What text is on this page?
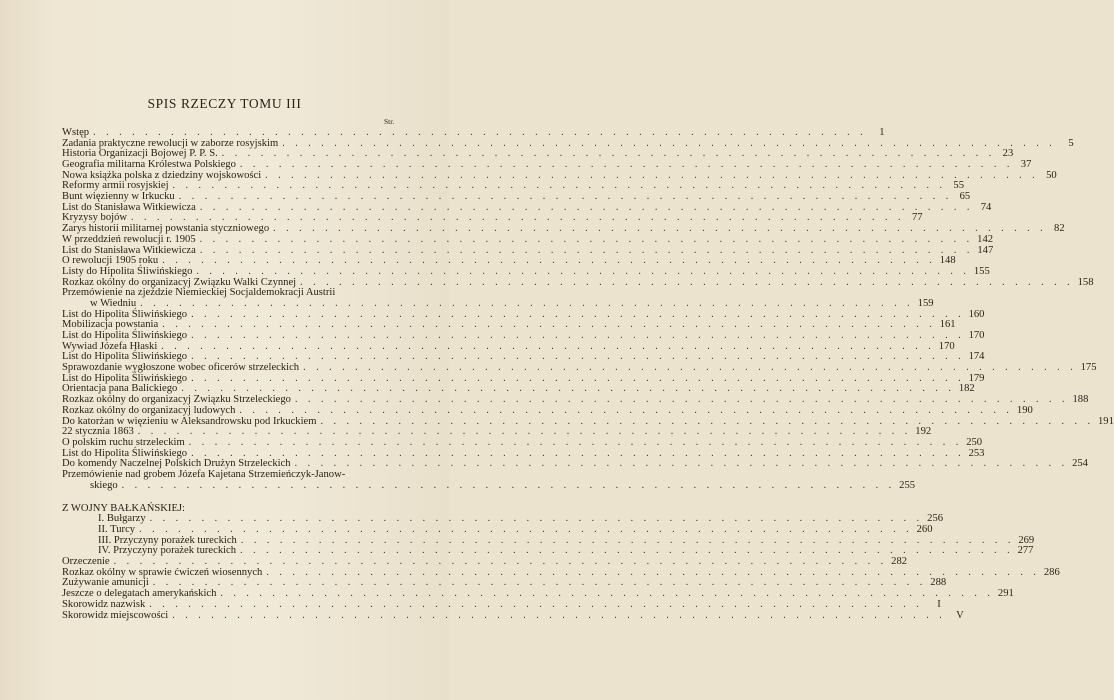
SPIS RZECZY TOMU III
Str.
Wstęp . . .	1
Zadania praktyczne rewolucji w zaborze rosyjskim . . .	5
Historia Organizacji Bojowej P. P. S. . . .	23
Geografia militarna Królestwa Polskiego . . .	37
Nowa książka polska z dziedziny wojskowości . . .	50
Reformy armii rosyjskiej . . .	55
Bunt więzienny w Irkucku . . .	65
List do Stanisława Witkiewicza . . .	74
Kryzysy bojów . . .	77
Zarys historii militarnej powstania styczniowego . . .	82
W przeddzień rewolucji r. 1905 . . .	142
List do Stanisława Witkiewicza . . .	147
O rewolucji 1905 roku . . .	148
Listy do Hipolita Śliwińskiego . . .	155
Rozkaz okólny do organizacyj Związku Walki Czynnej . . .	158
Przemówienie na zjeździe Niemieckiej Socjaldemokracji Austrii
w Wiedniu . . .	159
List do Hipolita Śliwińskiego . . .	160
Mobilizacja powstania . . .	161
List do Hipolita Śliwińskiego . . .	170
Wywiad Józefa Hłaski . . .	170
List do Hipolita Śliwińskiego . . .	174
Sprawozdanie wygłoszone wobec oficerów strzeleckich . . .	175
List do Hipolita Śliwińskiego . . .	179
Orientacja pana Balickiego . . .	182
Rozkaz okólny do organizacyj Związku Strzeleckiego . . .	188
Rozkaz okólny do organizacyj ludowych . . .	190
Do katorżan w więzieniu w Aleksandrowsku pod Irkuckiem . . .	191
22 stycznia 1863 . . .	192
O polskim ruchu strzeleckim . . .	250
List do Hipolita Śliwińskiego . . .	253
Do komendy Naczelnej Polskich Drużyn Strzeleckich . . .	254
Przemówienie nad grobem Józefa Kajetana Strzemieńczyk-Janow-
skiego . . .	255
Z WOJNY BAŁKAŃSKIEJ:
I. Bułgarzy . . .	256
II. Turcy . . .	260
III. Przyczyny porażek tureckich . . .	269
IV. Przyczyny porażek tureckich . . .	277
Orzeczenie . . .	282
Rozkaz okólny w sprawie ćwiczeń wiosennych . . .	286
Zużywanie amunicji . . .	288
Jeszcze o delegatach amerykańskich . . .	291
Skorowidz nazwisk . . .	I
Skorowidz miejscowości . . .	V
